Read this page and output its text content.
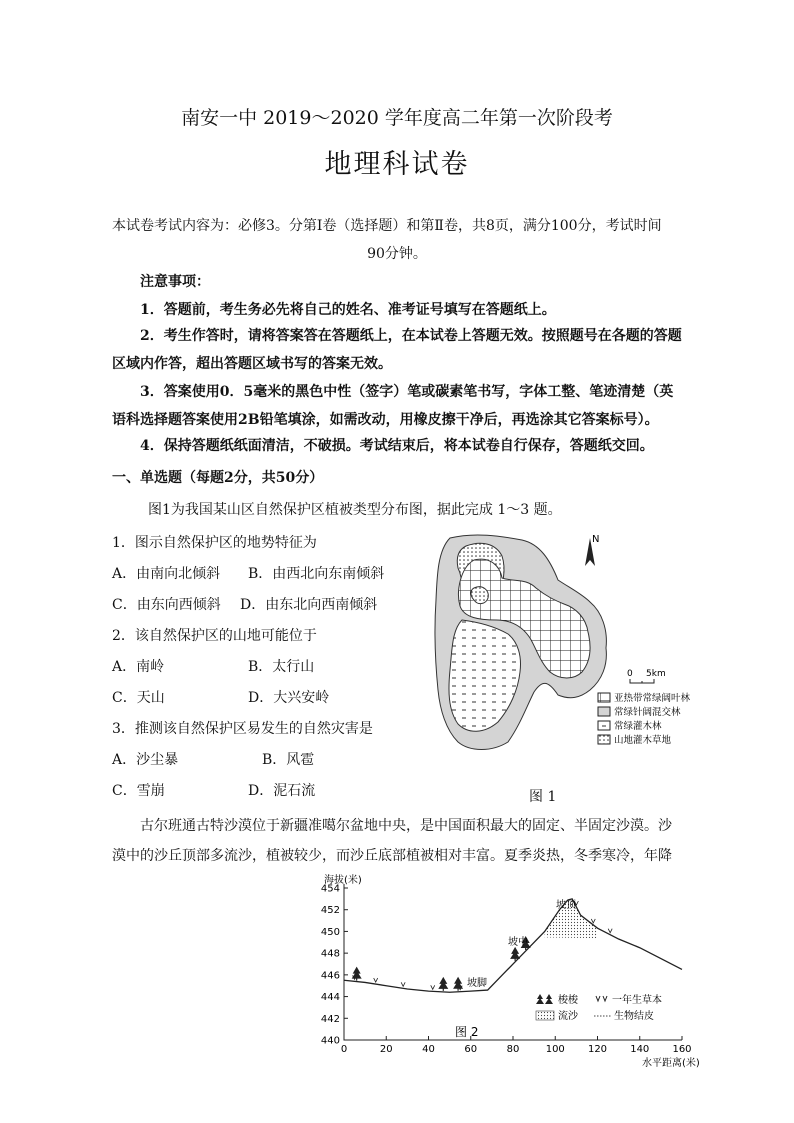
南安一中 2019～2020 学年度高二年第一次阶段考
地理科试卷
本试卷考试内容为：必修3。分第Ⅰ卷（选择题）和第Ⅱ卷，共8页，满分100分，考试时间
90分钟。
注意事项：
1．答题前，考生务必先将自己的姓名、准考证号填写在答题纸上。
2．考生作答时，请将答案答在答题纸上，在本试卷上答题无效。按照题号在各题的答题
区域内作答，超出答题区域书写的答案无效。
3．答案使用0．5毫米的黑色中性（签字）笔或碳素笔书写，字体工整、笔迹清楚（英
语科选择题答案使用2B铅笔填涂，如需改动，用橡皮擦干净后，再选涂其它答案标号）。
4．保持答题纸纸面清洁，不破损。考试结束后，将本试卷自行保存，答题纸交回。
一、单选题（每题2分，共50分）
图1为我国某山区自然保护区植被类型分布图，据此完成 1～3 题。
1．图示自然保护区的地势特征为
A．由南向北倾斜 B．由西北向东南倾斜
C．由东向西倾斜 D．由东北向西南倾斜
2．该自然保护区的山地可能位于
A．南岭	B．太行山
C．天山	D．大兴安岭
3．推测该自然保护区易发生的自然灾害是
A．沙尘暴	B．风雹
C．雪崩	D．泥石流
N
0 5km
亚热带常绿阔叶林
常绿针阔混交林
常绿灌木林
山地灌木草地
图 1
古尔班通古特沙漠位于新疆准噶尔盆地中央，是中国面积最大的固定、半固定沙漠。沙
漠中的沙丘顶部多流沙，植被较少，而沙丘底部植被相对丰富。夏季炎热，冬季寒冷，年降
440
442
444
446
448
450
452
454
0	20	40	60	80	100 120 140 160
海拔(米)
水平距离(米)
图 2
坡顶
坡中
坡脚
梭梭	一年生草本
流沙	生物结皮
